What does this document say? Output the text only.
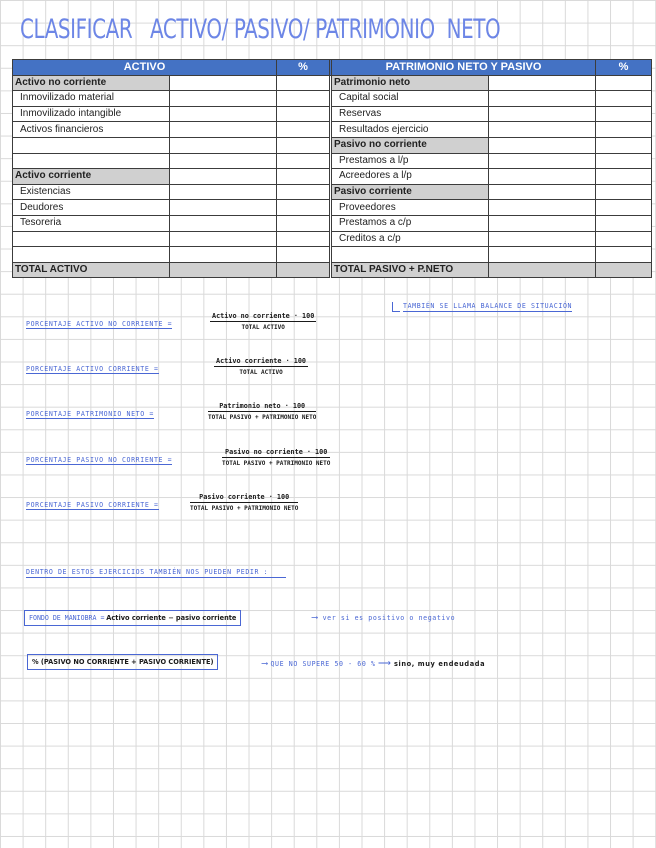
CLASIFICAR   ACTIVO/ PASIVO/ PATRIMONIO  NETO
ACTIVO		%		PATRIMONIO NETO Y PASIVO		%
Activo no corriente				Patrimonio neto		
Inmovilizado material				Capital social		
Inmovilizado intangible				Reservas		
Activos financieros				Resultados ejercicio		
				Pasivo no corriente		
				Prestamos a l/p		
Activo corriente				Acreedores a l/p		
Existencias				Pasivo corriente		
Deudores				Proveedores		
Tesoreria				Prestamos a c/p		
				Creditos a c/p		

TOTAL ACTIVO				TOTAL PASIVO + P.NETO		
PORCENTAJE ACTIVO NO CORRIENTE =
Activo no corriente · 100
TOTAL ACTIVO
PORCENTAJE ACTIVO CORRIENTE =
Activo corriente · 100
TOTAL ACTIVO
PORCENTAJE PATRIMONIO NETO =
Patrimonio neto · 100
TOTAL PASIVO + PATRIMONIO NETO
PORCENTAJE PASIVO NO CORRIENTE =
Pasivo no corriente · 100
TOTAL PASIVO + PATRIMONIO NETO
PORCENTAJE PASIVO CORRIENTE =
Pasivo corriente · 100
TOTAL PASIVO + PATRIMONIO NETO
TAMBIÉN SE LLAMA BALANCE DE SITUACIÓN
DENTRO DE ESTOS EJERCICIOS TAMBIÉN NOS PUEDEN PEDIR :
FONDO DE MANIOBRA = Activo corriente − pasivo corriente	⟶ ver si es positivo o negativo
% (PASIVO NO CORRIENTE + PASIVO CORRIENTE)	⟶ QUE NO SUPERE 50 - 60 % ⟶ sino, muy endeudada
